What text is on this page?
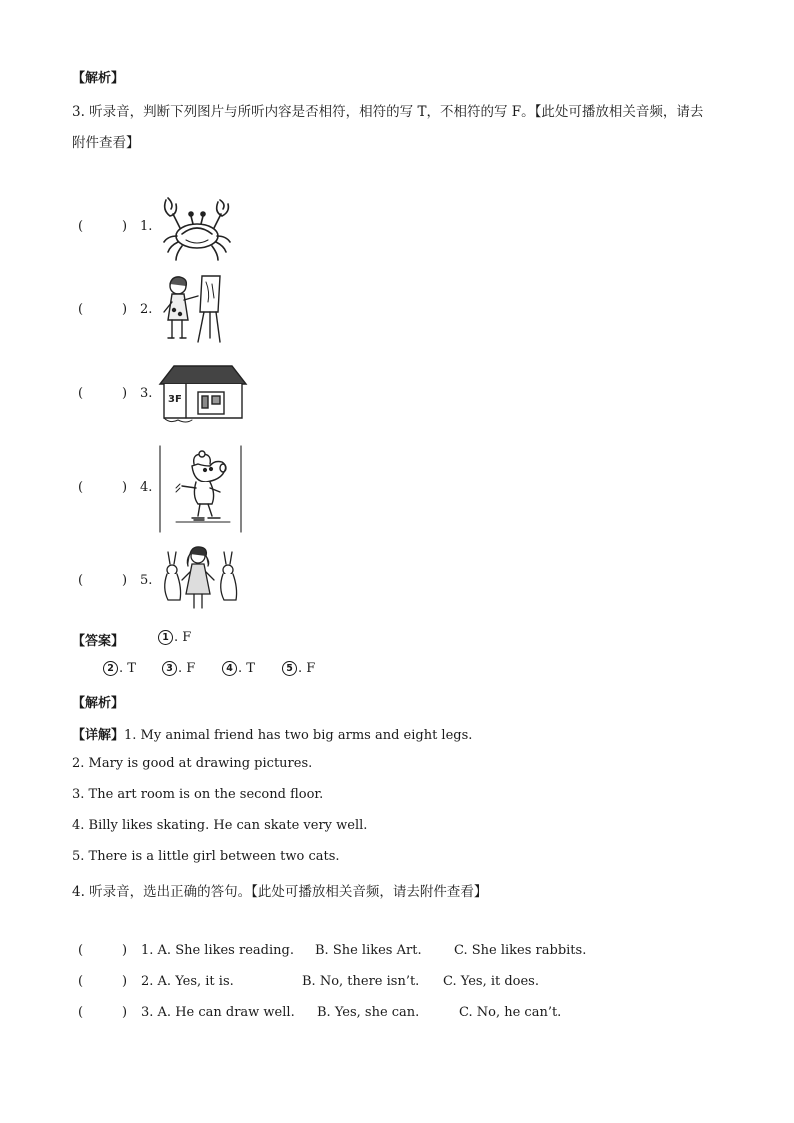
【解析】
3. 听录音，判断下列图片与所听内容是否相符，相符的写 T，不相符的写 F。【此处可播放相关音频，请去
附件查看】
(	) 1.
(	) 2.
(	) 3. 3F
(	) 4.
(	) 5.
【答案】	1 . F
2 . T	3 . F	4 . T	5 . F
【解析】
【详解】1. My animal friend has two big arms and eight legs.
2. Mary is good at drawing pictures.
3. The art room is on the second floor.
4. Billy likes skating. He can skate very well.
5. There is a little girl between two cats.
4. 听录音，选出正确的答句。【此处可播放相关音频，请去附件查看】
(	) 1. A. She likes reading. B. She likes Art. C. She likes rabbits.
(	) 2. A. Yes, it is.	B. No, there isn’t. C. Yes, it does.
(	) 3. A. He can draw well. B. Yes, she can.	C. No, he can’t.
